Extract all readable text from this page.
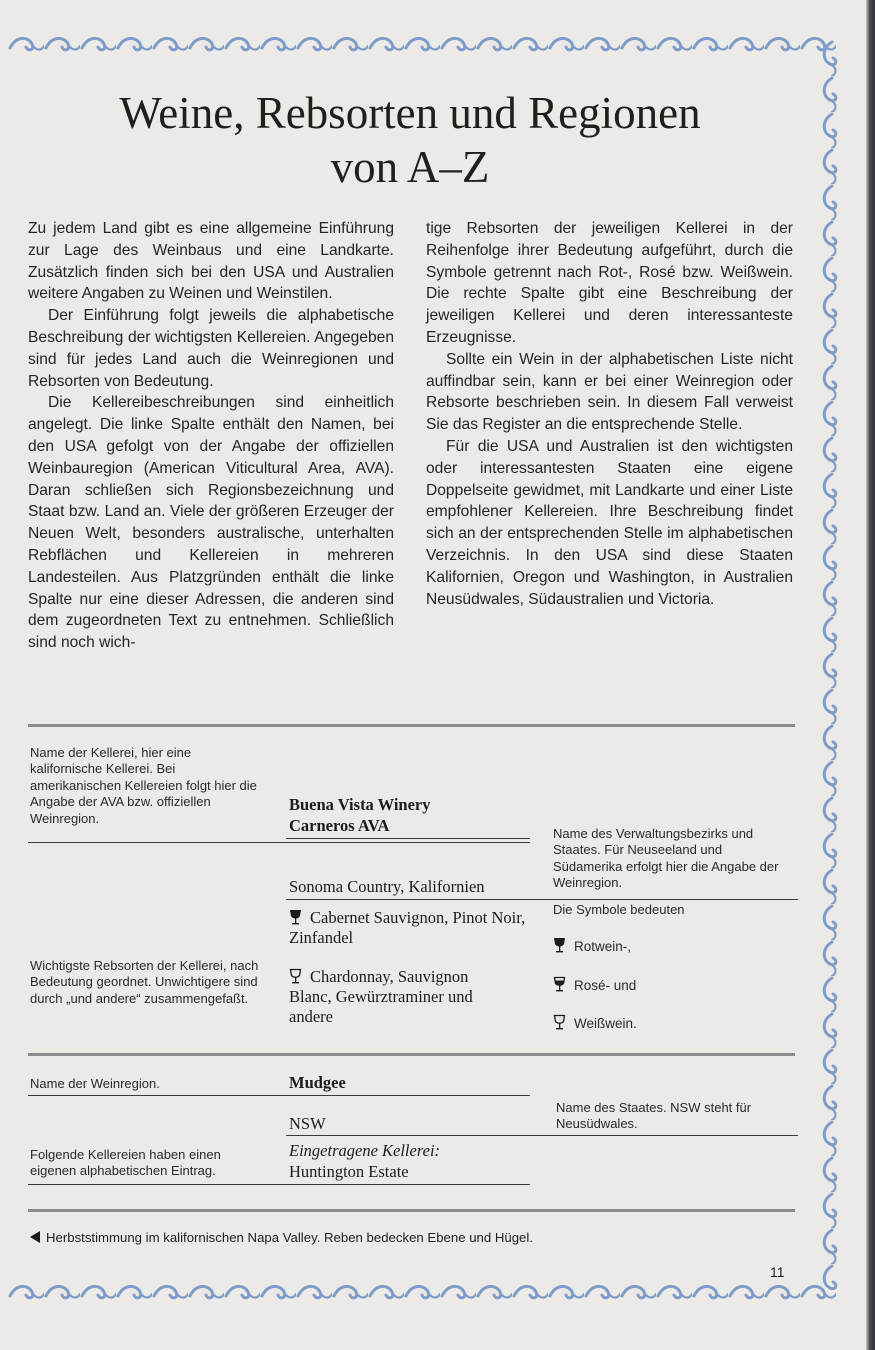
Weine, Rebsorten und Regionen
von A–Z

Zu jedem Land gibt es eine allgemeine Einführung zur Lage des Weinbaus und eine Landkarte. Zusätzlich finden sich bei den USA und Australien weitere Angaben zu Weinen und Weinstilen.

Der Einführung folgt jeweils die alphabetische Beschreibung der wichtigsten Kellereien. Angegeben sind für jedes Land auch die Weinregionen und Rebsorten von Bedeutung.

Die Kellereibeschreibungen sind einheitlich angelegt. Die linke Spalte enthält den Namen, bei den USA gefolgt von der Angabe der offiziellen Weinbauregion (American Viticultural Area, AVA). Daran schließen sich Regionsbezeichnung und Staat bzw. Land an. Viele der größeren Erzeuger der Neuen Welt, besonders australische, unterhalten Rebflächen und Kellereien in mehreren Landesteilen. Aus Platzgründen enthält die linke Spalte nur eine dieser Adressen, die anderen sind dem zugeordneten Text zu entnehmen. Schließlich sind noch wich-

tige Rebsorten der jeweiligen Kellerei in der Reihenfolge ihrer Bedeutung aufgeführt, durch die Symbole getrennt nach Rot-, Rosé bzw. Weißwein. Die rechte Spalte gibt eine Beschreibung der jeweiligen Kellerei und deren interessanteste Erzeugnisse.

Sollte ein Wein in der alphabetischen Liste nicht auffindbar sein, kann er bei einer Weinregion oder Rebsorte beschrieben sein. In diesem Fall verweist Sie das Register an die entsprechende Stelle.

Für die USA und Australien ist den wichtigsten oder interessantesten Staaten eine eigene Doppelseite gewidmet, mit Landkarte und einer Liste empfohlener Kellereien. Ihre Beschreibung findet sich an der entsprechenden Stelle im alphabetischen Verzeichnis. In den USA sind diese Staaten Kalifornien, Oregon und Washington, in Australien Neusüdwales, Südaustralien und Victoria.

Name der Kellerei, hier eine kalifornische Kellerei. Bei amerikanischen Kellereien folgt hier die Angabe der AVA bzw. offiziellen Weinregion.

Buena Vista Winery

Carneros AVA	Name des Verwaltungsbezirks und Staates. Für Neuseeland und Südamerika erfolgt hier die Angabe der Weinregion.

Sonoma Country, Kalifornien

Die Symbole bedeuten

Cabernet Sauvignon, Pinot Noir, Zinfandel	Rotwein-,

Wichtigste Rebsorten der Kellerei, nach Bedeutung geordnet. Unwichtigere sind durch „und andere“ zusammengefaßt.

Chardonnay, Sauvignon Blanc, Gewürztraminer und andere

Rosé- und
Weißwein.

Name der Weinregion.	Mudgee

Name des Staates. NSW steht für Neusüdwales.

NSW

Folgende Kellereien haben einen eigenen alphabetischen Eintrag.

Eingetragene Kellerei:

Huntington Estate

Herbststimmung im kalifornischen Napa Valley. Reben bedecken Ebene und Hügel.
11
